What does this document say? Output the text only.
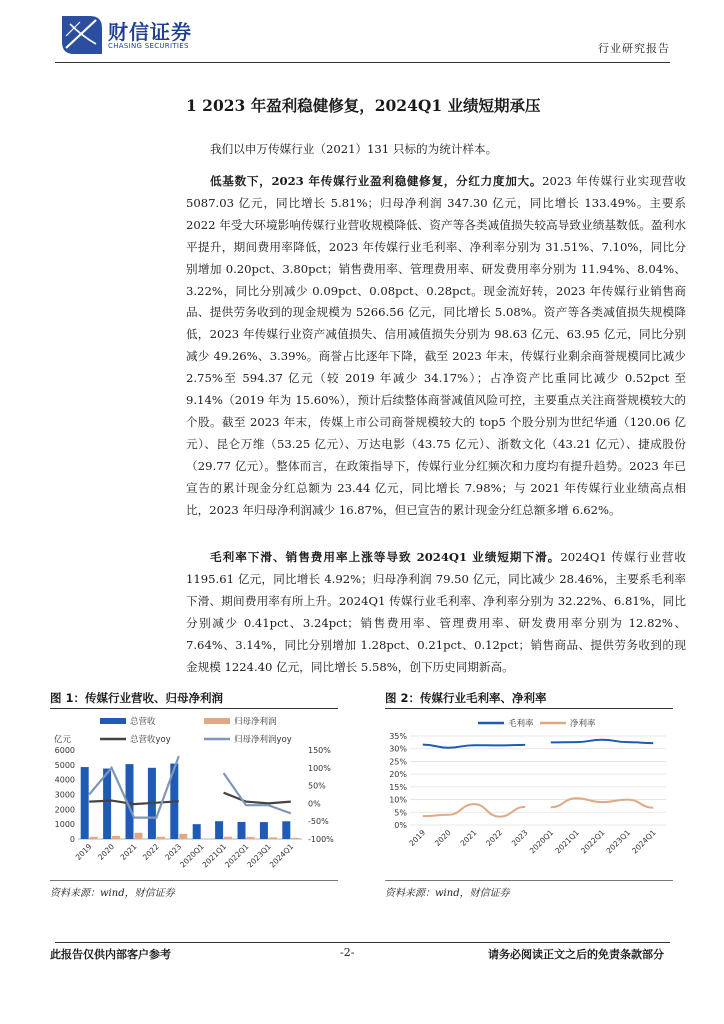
财信证券
CHASING SECURITIES	行业研究报告
1 2023 年盈利稳健修复，2024Q1 业绩短期承压
我们以申万传媒行业（2021）131 只标的为统计样本。
低基数下，2023 年传媒行业盈利稳健修复，分红力度加大。2023 年传媒行业实现营收 5087.03 亿元，同比增长 5.81%；归母净利润 347.30 亿元，同比增长 133.49%。主要系 2022 年受大环境影响传媒行业营收规模降低、资产等各类减值损失较高导致业绩基数低。盈利水平提升，期间费用率降低，2023 年传媒行业毛利率、净利率分别为 31.51%、7.10%，同比分别增加 0.20pct、3.80pct；销售费用率、管理费用率、研发费用率分别为 11.94%、8.04%、3.22%，同比分别减少 0.09pct、0.08pct、0.28pct。现金流好转，2023 年传媒行业销售商品、提供劳务收到的现金规模为 5266.56 亿元，同比增长 5.08%。资产等各类减值损失规模降低，2023 年传媒行业资产减值损失、信用减值损失分别为 98.63 亿元、63.95 亿元，同比分别减少 49.26%、3.39%。商誉占比逐年下降，截至 2023 年末，传媒行业剩余商誉规模同比减少 2.75%至 594.37 亿元（较 2019 年减少 34.17%）；占净资产比重同比减少 0.52pct 至 9.14%（2019 年为 15.60%），预计后续整体商誉减值风险可控，主要重点关注商誉规模较大的个股。截至 2023 年末，传媒上市公司商誉规模较大的 top5 个股分别为世纪华通（120.06 亿元）、昆仑万维（53.25 亿元）、万达电影（43.75 亿元）、浙数文化（43.21 亿元）、捷成股份（29.77 亿元）。整体而言，在政策指导下，传媒行业分红频次和力度均有提升趋势。2023 年已宣告的累计现金分红总额为 23.44 亿元，同比增长 7.98%；与 2021 年传媒行业业绩高点相比，2023 年归母净利润减少 16.87%，但已宣告的累计现金分红总额多增 6.62%。
毛利率下滑、销售费用率上涨等导致 2024Q1 业绩短期下滑。2024Q1 传媒行业营收 1195.61 亿元，同比增长 4.92%；归母净利润 79.50 亿元，同比减少 28.46%，主要系毛利率下滑、期间费用率有所上升。2024Q1 传媒行业毛利率、净利率分别为 32.22%、6.81%，同比分别减少 0.41pct、3.24pct；销售费用率、管理费用率、研发费用率分别为 12.82%、7.64%、3.14%，同比分别增加 1.28pct、0.21pct、0.12pct；销售商品、提供劳务收到的现金规模 1224.40 亿元，同比增长 5.58%，创下历史同期新高。
图 1：传媒行业营收、归母净利润	图 2：传媒行业毛利率、净利率
总营收	归母净利润
总营收yoy	归母净利润yoy
亿元
0
1000
2000
3000
4000
5000
6000
-100%
-50%
0%
50%
100%
150%
2019 2020 2021 2022 2023
2020Q1
2021Q1
2022Q1
2023Q1
2024Q1
毛利率	净利率
0%
5%
10%
15%
20%
25%
30%
35%
2019 2020 2021 2022 2023
2020Q1
2021Q1
2022Q1
2023Q1
2024Q1
资料来源：wind，财信证券	资料来源：wind，财信证券
此报告仅供内部客户参考	-2-	请务必阅读正文之后的免责条款部分
